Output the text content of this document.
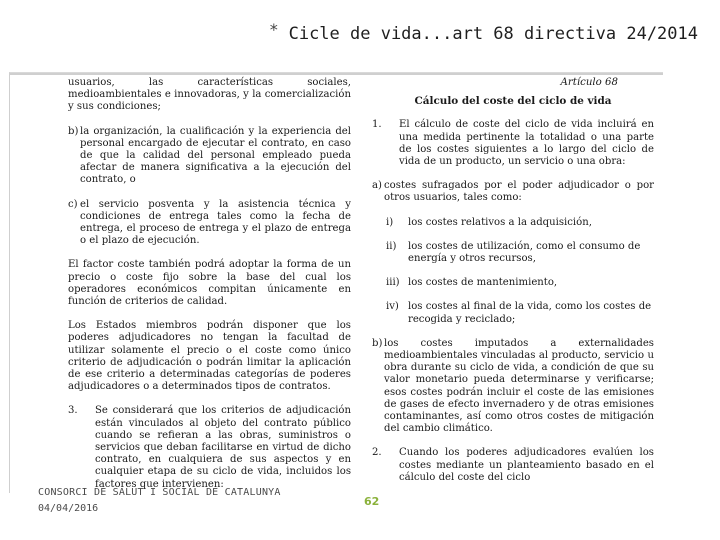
* Cicle de vida...art 68 directiva 24/2014

usuarios, las características sociales, medioambientales e innovadoras, y la comercialización y sus condiciones;

b) la organización, la cualificación y la experiencia del personal encargado de ejecutar el contrato, en caso de que la calidad del personal empleado pueda afectar de manera significativa a la ejecución del contrato, o
c) el servicio posventa y la asistencia técnica y condiciones de entrega tales como la fecha de entrega, el proceso de entrega y el plazo de entrega o el plazo de ejecución.

El factor coste también podrá adoptar la forma de un precio o coste fijo sobre la base del cual los operadores económicos compitan únicamente en función de criterios de calidad.

Los Estados miembros podrán disponer que los poderes adjudicadores no tengan la facultad de utilizar solamente el precio o el coste como único criterio de adjudicación o podrán limitar la aplicación de ese criterio a determinadas categorías de poderes adjudicadores o a determinados tipos de contratos.

3.	Se considerará que los criterios de adjudicación están vinculados al objeto del contrato público cuando se refieran a las obras, suministros o servicios que deban facilitarse en virtud de dicho contrato, en cualquiera de sus aspectos y en cualquier etapa de su ciclo de vida, incluidos los factores que intervienen:
Artículo 68
Cálculo del coste del ciclo de vida
1.	El cálculo de coste del ciclo de vida incluirá en una medida pertinente la totalidad o una parte de los costes siguientes a lo largo del ciclo de vida de un producto, un servicio o una obra:
a) costes sufragados por el poder adjudicador o por otros usuarios, tales como:
i)	los costes relativos a la adquisición,
ii)	los costes de utilización, como el consumo de energía y otros recursos,
iii) los costes de mantenimiento,
iv) los costes al final de la vida, como los costes de recogida y reciclado;
b) los costes imputados a externalidades medioambientales vinculadas al producto, servicio u obra durante su ciclo de vida, a condición de que su valor monetario pueda determinarse y verificarse; esos costes podrán incluir el coste de las emisiones de gases de efecto invernadero y de otras emisiones contaminantes, así como otros costes de mitigación del cambio climático.
2.	Cuando los poderes adjudicadores evalúen los costes mediante un planteamiento basado en el cálculo del coste del ciclo
CONSORCI DE SALUT I SOCIAL DE CATALUNYA
04/04/2016
62
